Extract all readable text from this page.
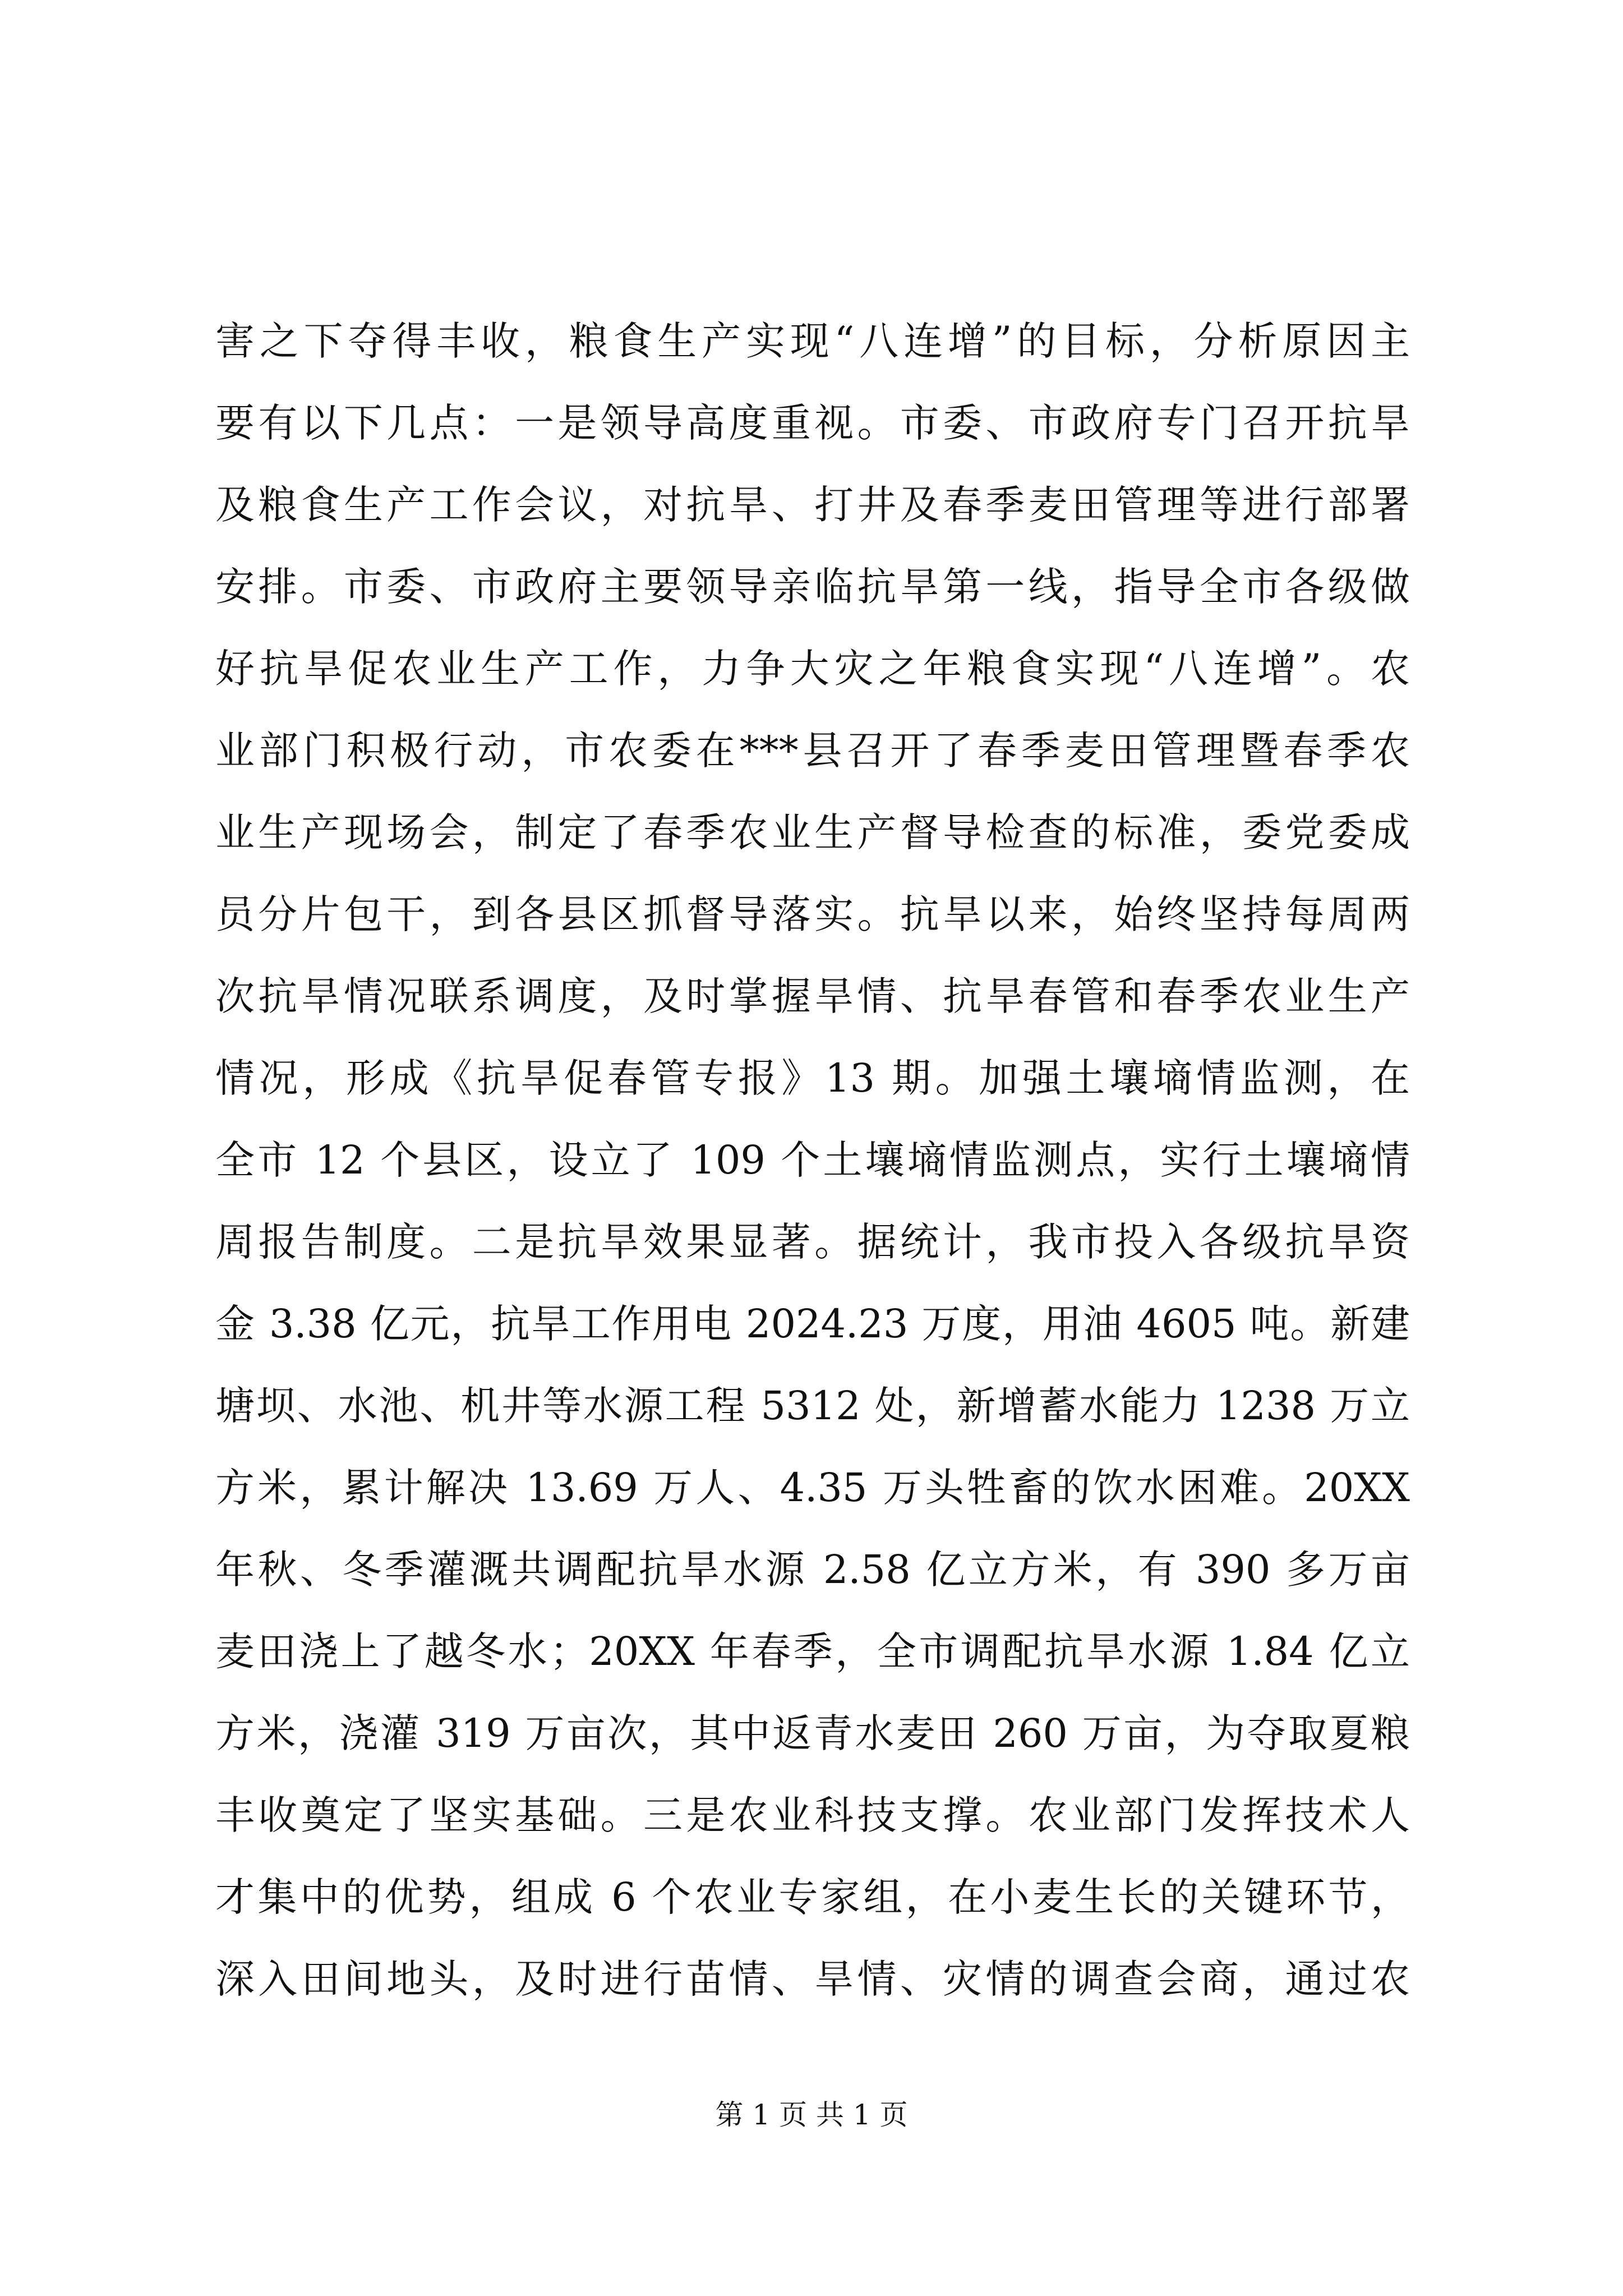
害之下夺得丰收，粮食生产实现“八连增”的目标，分析原因主
要有以下几点：一是领导高度重视。市委、市政府专门召开抗旱
及粮食生产工作会议，对抗旱、打井及春季麦田管理等进行部署
安排。市委、市政府主要领导亲临抗旱第一线，指导全市各级做
好抗旱促农业生产工作，力争大灾之年粮食实现“八连增”。农
业部门积极行动，市农委在***县召开了春季麦田管理暨春季农
业生产现场会，制定了春季农业生产督导检查的标准，委党委成
员分片包干，到各县区抓督导落实。抗旱以来，始终坚持每周两
次抗旱情况联系调度，及时掌握旱情、抗旱春管和春季农业生产
情况，形成《抗旱促春管专报》13 期。加强土壤墒情监测，在
全市 12 个县区，设立了 109 个土壤墒情监测点，实行土壤墒情
周报告制度。二是抗旱效果显著。据统计，我市投入各级抗旱资
金 3.38 亿元，抗旱工作用电 2024.23 万度，用油 4605 吨。新建
塘坝、水池、机井等水源工程 5312 处，新增蓄水能力 1238 万立
方米，累计解决 13.69 万人、4.35 万头牲畜的饮水困难。20XX
年秋、冬季灌溉共调配抗旱水源 2.58 亿立方米，有 390 多万亩
麦田浇上了越冬水；20XX 年春季，全市调配抗旱水源 1.84 亿立
方米，浇灌 319 万亩次，其中返青水麦田 260 万亩，为夺取夏粮
丰收奠定了坚实基础。三是农业科技支撑。农业部门发挥技术人
才集中的优势，组成 6 个农业专家组，在小麦生长的关键环节，
深入田间地头，及时进行苗情、旱情、灾情的调查会商，通过农
第 1 页 共 1 页
